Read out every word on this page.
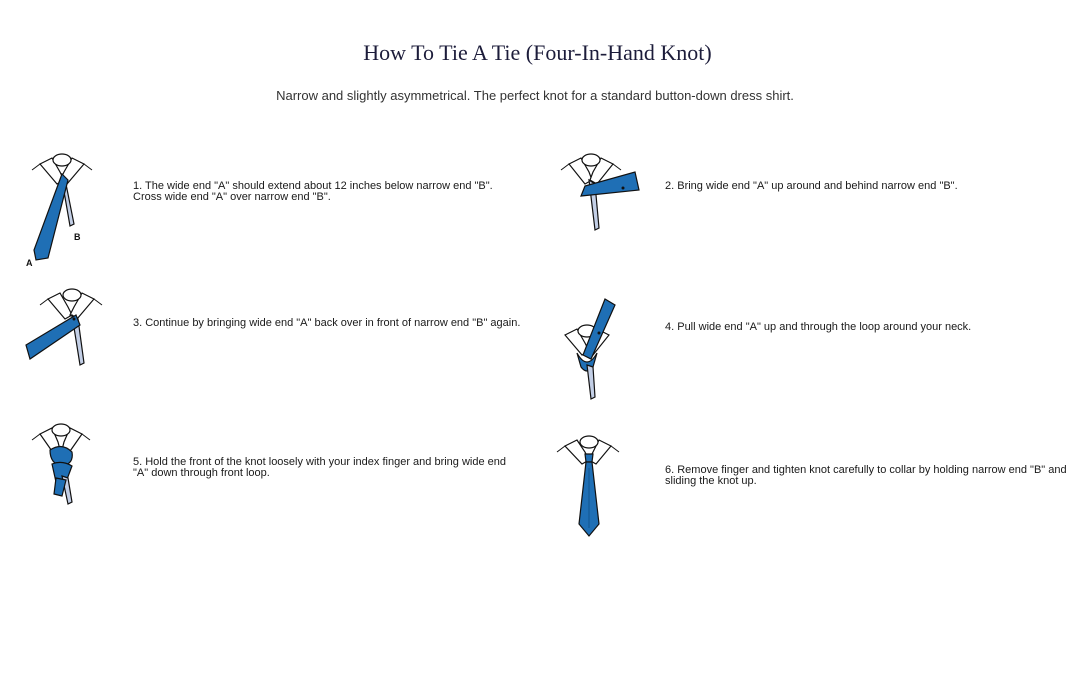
How To Tie A Tie (Four-In-Hand Knot)

Narrow and slightly asymmetrical. The perfect knot for a standard button-down dress shirt.

B
A
1. The wide end "A" should extend about 12 inches below narrow end "B". Cross wide end "A" over narrow end "B".
2. Bring wide end "A" up around and behind narrow end "B".
3. Continue by bringing wide end "A" back over in front of narrow end "B" again.	4. Pull wide end "A" up and through the loop around your neck.
5. Hold the front of the knot loosely with your index finger and bring wide end "A" down through front loop.	6. Remove finger and tighten knot carefully to collar by holding narrow end "B" and sliding the knot up.
